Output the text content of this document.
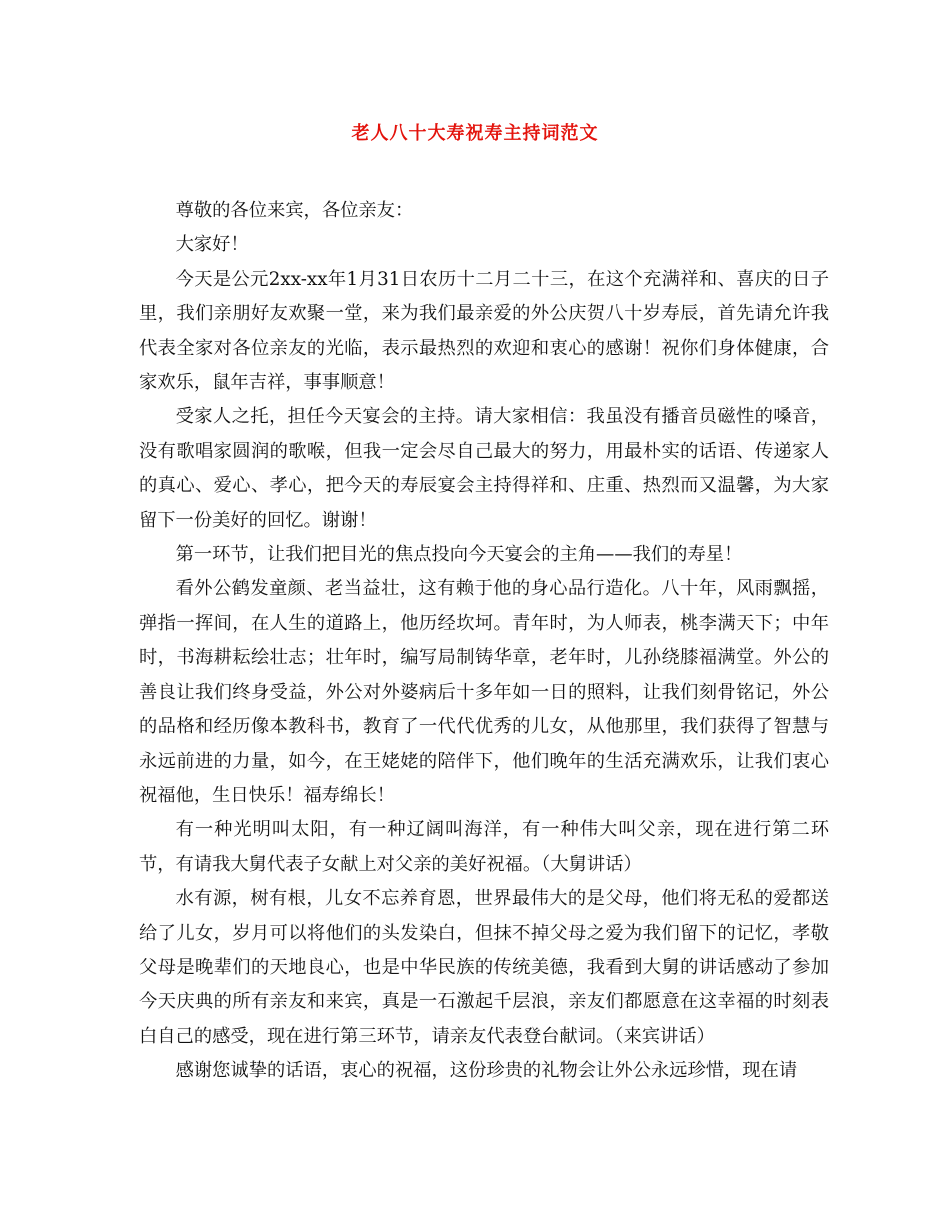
老人八十大寿祝寿主持词范文

尊敬的各位来宾，各位亲友：

大家好！

今天是公元2xx-xx年1月31日农历十二月二十三，在这个充满祥和、喜庆的日子里，我们亲朋好友欢聚一堂，来为我们最亲爱的外公庆贺八十岁寿辰，首先请允许我代表全家对各位亲友的光临，表示最热烈的欢迎和衷心的感谢！祝你们身体健康，合家欢乐，鼠年吉祥，事事顺意！

受家人之托，担任今天宴会的主持。请大家相信：我虽没有播音员磁性的嗓音，没有歌唱家圆润的歌喉，但我一定会尽自己最大的努力，用最朴实的话语、传递家人的真心、爱心、孝心，把今天的寿辰宴会主持得祥和、庄重、热烈而又温馨，为大家留下一份美好的回忆。谢谢！

第一环节，让我们把目光的焦点投向今天宴会的主角——我们的寿星！

看外公鹤发童颜、老当益壮，这有赖于他的身心品行造化。八十年，风雨飘摇，弹指一挥间，在人生的道路上，他历经坎坷。青年时，为人师表，桃李满天下；中年时，书海耕耘绘壮志；壮年时，编写局制铸华章，老年时，儿孙绕膝福满堂。外公的善良让我们终身受益，外公对外婆病后十多年如一日的照料，让我们刻骨铭记，外公的品格和经历像本教科书，教育了一代代优秀的儿女，从他那里，我们获得了智慧与永远前进的力量，如今，在王姥姥的陪伴下，他们晚年的生活充满欢乐，让我们衷心祝福他，生日快乐！福寿绵长！

有一种光明叫太阳，有一种辽阔叫海洋，有一种伟大叫父亲，现在进行第二环节，有请我大舅代表子女献上对父亲的美好祝福。（大舅讲话）

水有源，树有根，儿女不忘养育恩，世界最伟大的是父母，他们将无私的爱都送给了儿女，岁月可以将他们的头发染白，但抹不掉父母之爱为我们留下的记忆，孝敬父母是晚辈们的天地良心，也是中华民族的传统美德，我看到大舅的讲话感动了参加今天庆典的所有亲友和来宾，真是一石激起千层浪，亲友们都愿意在这幸福的时刻表白自己的感受，现在进行第三环节，请亲友代表登台献词。（来宾讲话）

感谢您诚挚的话语，衷心的祝福，这份珍贵的礼物会让外公永远珍惜，现在请
